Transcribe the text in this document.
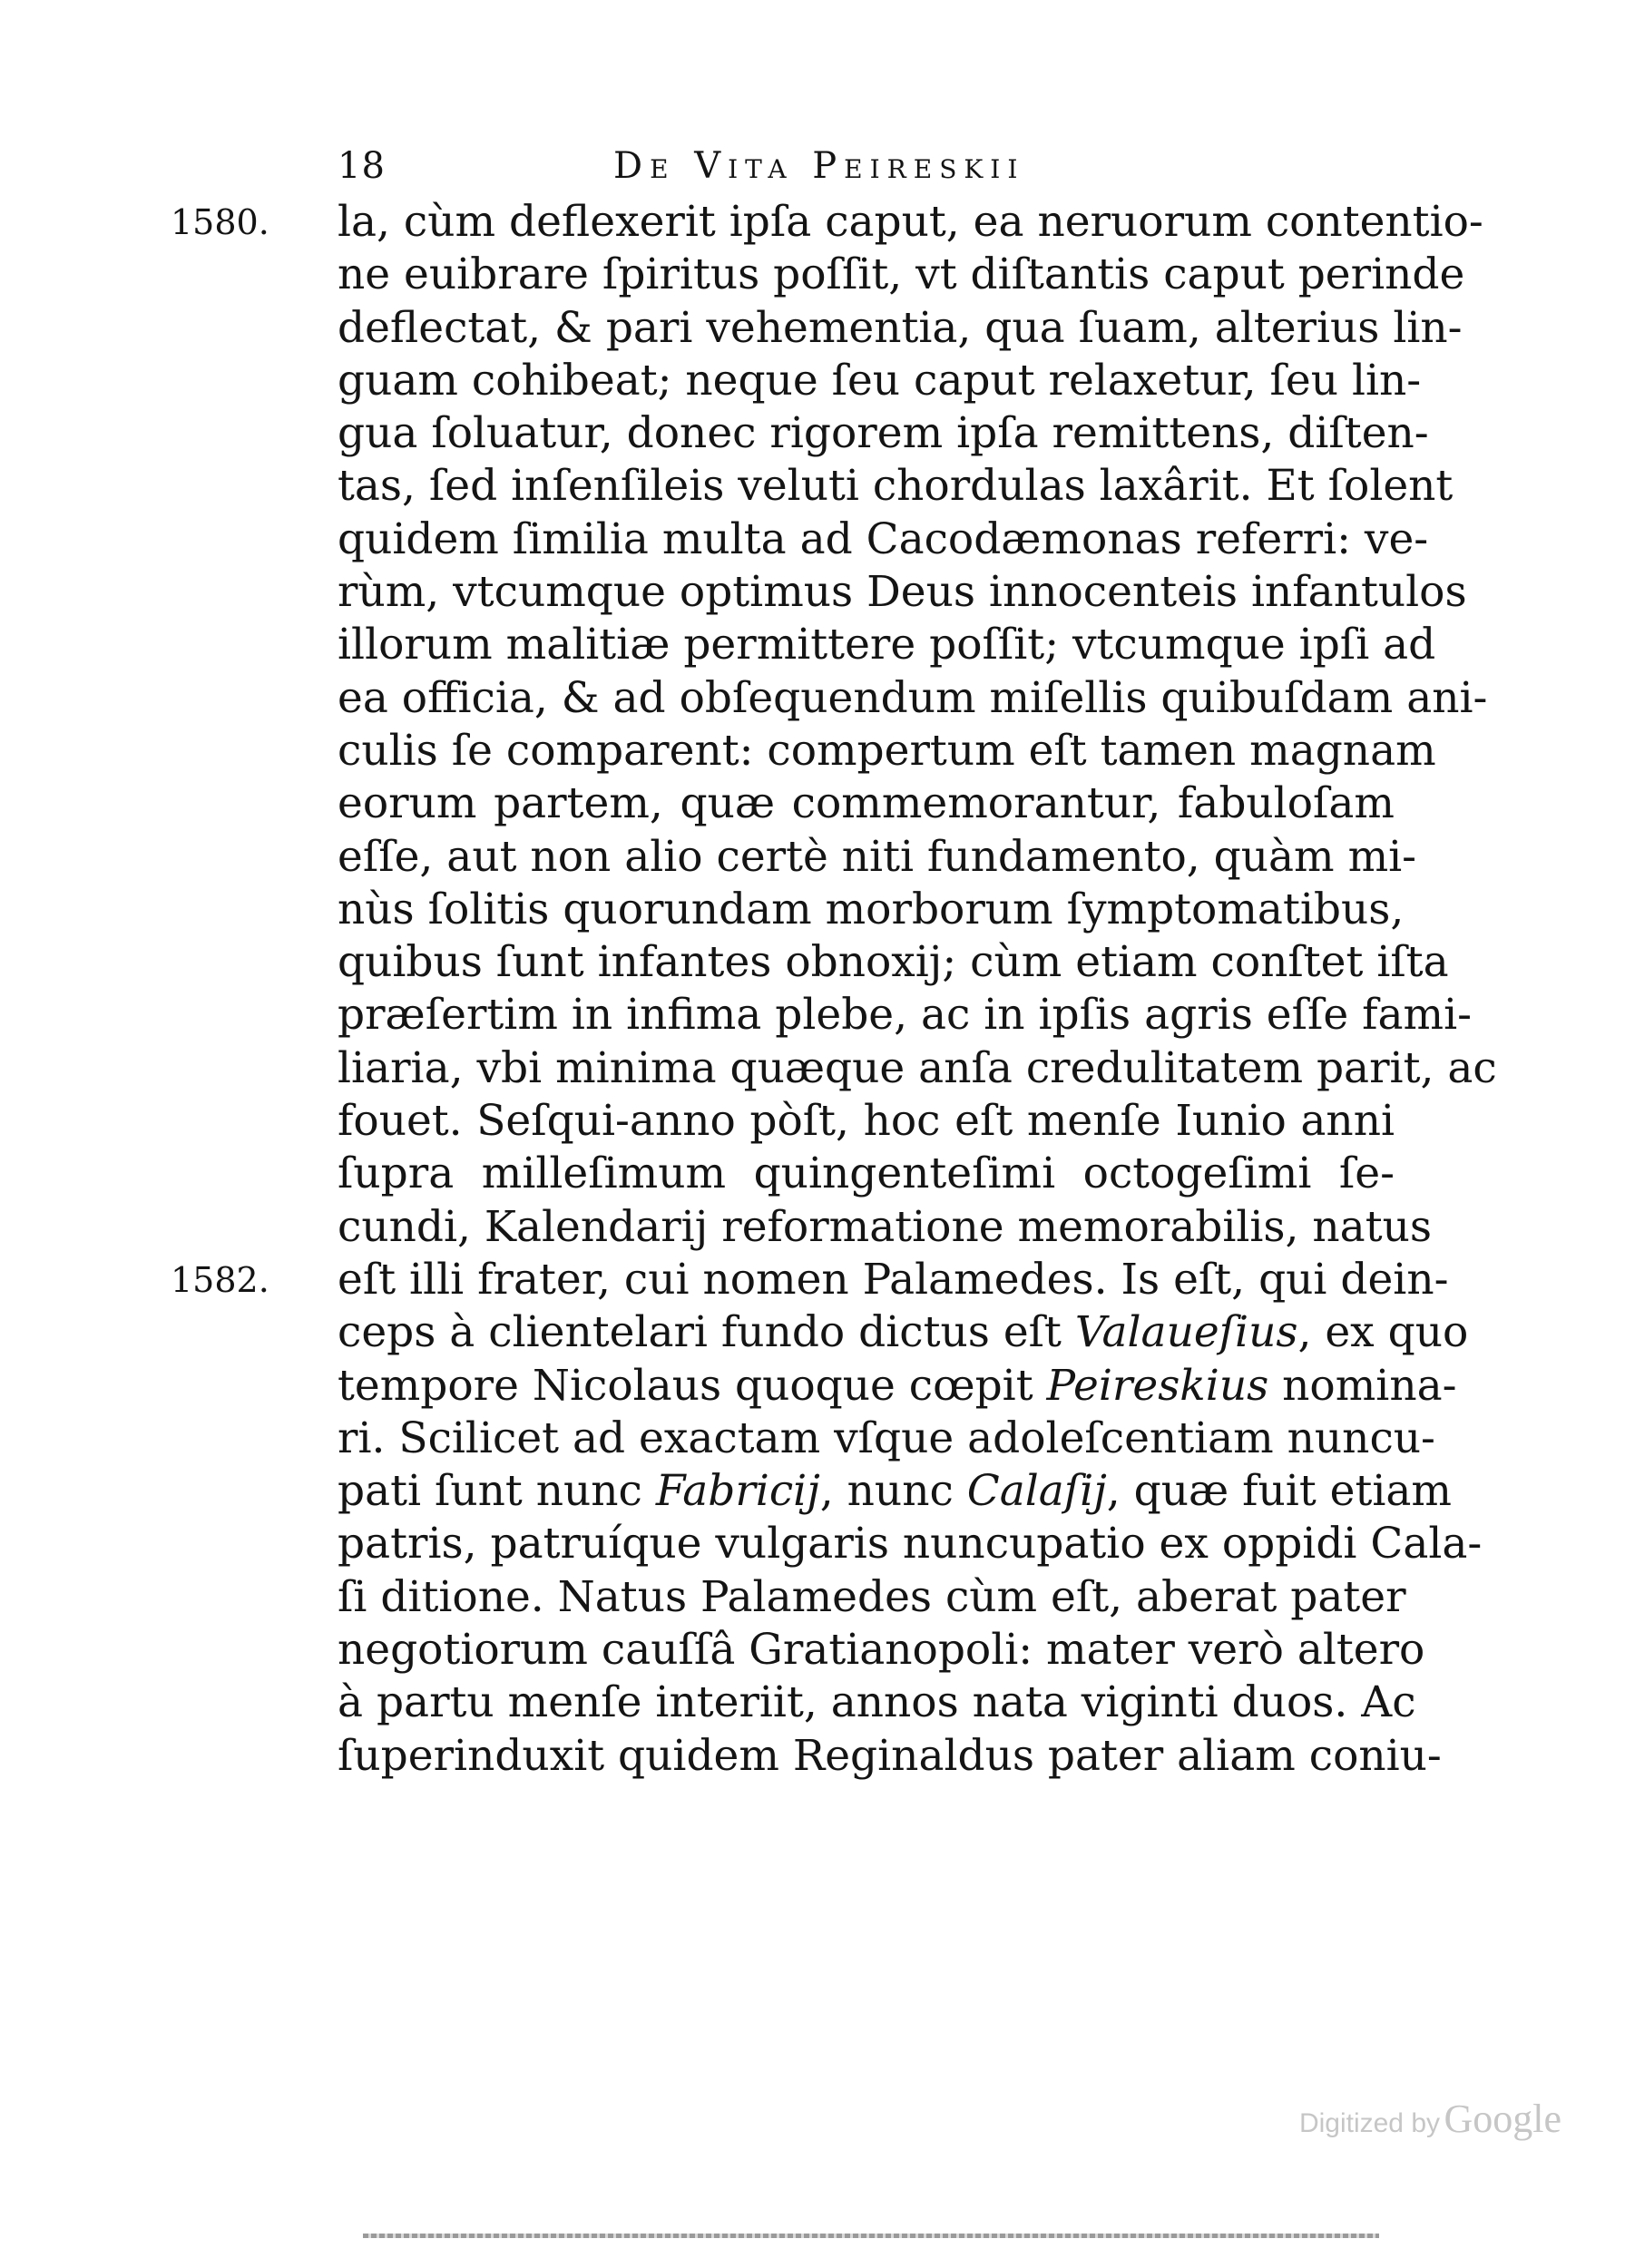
18	De Vita Peireskii
1580.
1582.
la, cùm deflexerit ipſa caput, ea neruorum contentio-
ne euibrare ſpiritus poſſit, vt diſtantis caput perinde
deflectat, & pari vehementia, qua ſuam, alterius lin-
guam cohibeat; neque ſeu caput relaxetur, ſeu lin-
gua ſoluatur, donec rigorem ipſa remittens, diſten-
tas, ſed inſenſileis veluti chordulas laxârit. Et ſolent
quidem ſimilia multa ad Cacodæmonas referri: ve-
rùm, vtcumque optimus Deus innocenteis infantulos
illorum malitiæ permittere poſſit; vtcumque ipſi ad
ea officia, & ad obſequendum miſellis quibuſdam ani-
culis ſe comparent: compertum eſt tamen magnam
eorum partem, quæ commemorantur, fabuloſam
eſſe, aut non alio certè niti fundamento, quàm mi-
nùs ſolitis quorundam morborum ſymptomatibus,
quibus ſunt infantes obnoxij; cùm etiam conſtet iſta
præſertim in infima plebe, ac in ipſis agris eſſe fami-
liaria, vbi minima quæque anſa credulitatem parit, ac
fouet. Seſqui-anno pòſt, hoc eſt menſe Iunio anni
ſupra milleſimum quingenteſimi octogeſimi ſe-
cundi, Kalendarij reformatione memorabilis, natus
eſt illi frater, cui nomen Palamedes. Is eſt, qui dein-
ceps à clientelari fundo dictus eſt Valaueſius, ex quo
tempore Nicolaus quoque cœpit Peireskius nomina-
ri. Scilicet ad exactam vſque adoleſcentiam nuncu-
pati ſunt nunc Fabricij, nunc Calaſij, quæ fuit etiam
patris, patruíque vulgaris nuncupatio ex oppidi Cala-
ſi ditione. Natus Palamedes cùm eſt, aberat pater
negotiorum cauſſâ Gratianopoli: mater verò altero
à partu menſe interiit, annos nata viginti duos. Ac
ſuperinduxit quidem Reginaldus pater aliam coniu-
Digitized by Google
